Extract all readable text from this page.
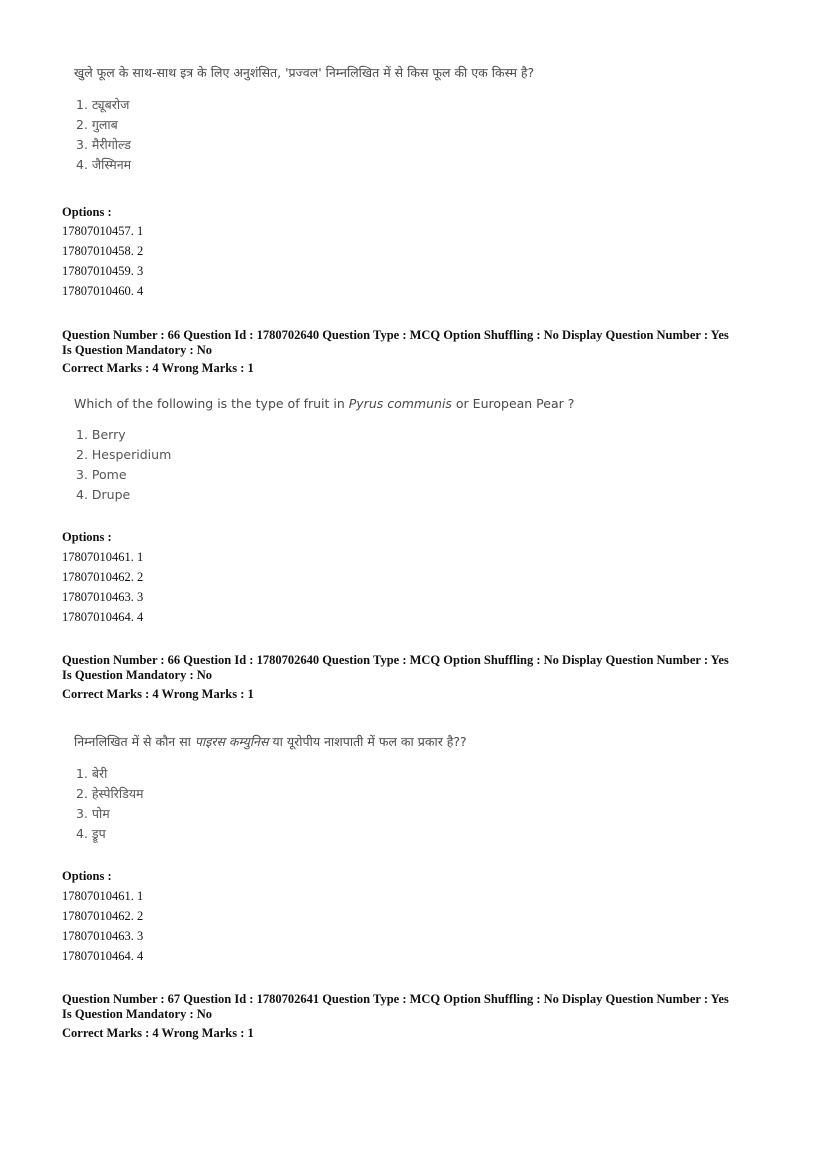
खुले फूल के साथ-साथ इत्र के लिए अनुशंसित, 'प्रज्वल' निम्नलिखित में से किस फूल की एक किस्म है?
1. ट्यूबरोज
2. गुलाब
3. मैरीगोल्ड
4. जैस्मिनम
Options :
17807010457. 1
17807010458. 2
17807010459. 3
17807010460. 4
Question Number : 66 Question Id : 1780702640 Question Type : MCQ Option Shuffling : No Display Question Number : Yes
Is Question Mandatory : No
Correct Marks : 4 Wrong Marks : 1
Which of the following is the type of fruit in Pyrus communis or European Pear ?
1. Berry
2. Hesperidium
3. Pome
4. Drupe
Options :
17807010461. 1
17807010462. 2
17807010463. 3
17807010464. 4
Question Number : 66 Question Id : 1780702640 Question Type : MCQ Option Shuffling : No Display Question Number : Yes
Is Question Mandatory : No
Correct Marks : 4 Wrong Marks : 1
निम्नलिखित में से कौन सा पाइरस कम्युनिस या यूरोपीय नाशपाती में फल का प्रकार है??
1. बेरी
2. हेस्पेरिडियम
3. पोम
4. ड्रूप
Options :
17807010461. 1
17807010462. 2
17807010463. 3
17807010464. 4
Question Number : 67 Question Id : 1780702641 Question Type : MCQ Option Shuffling : No Display Question Number : Yes
Is Question Mandatory : No
Correct Marks : 4 Wrong Marks : 1
